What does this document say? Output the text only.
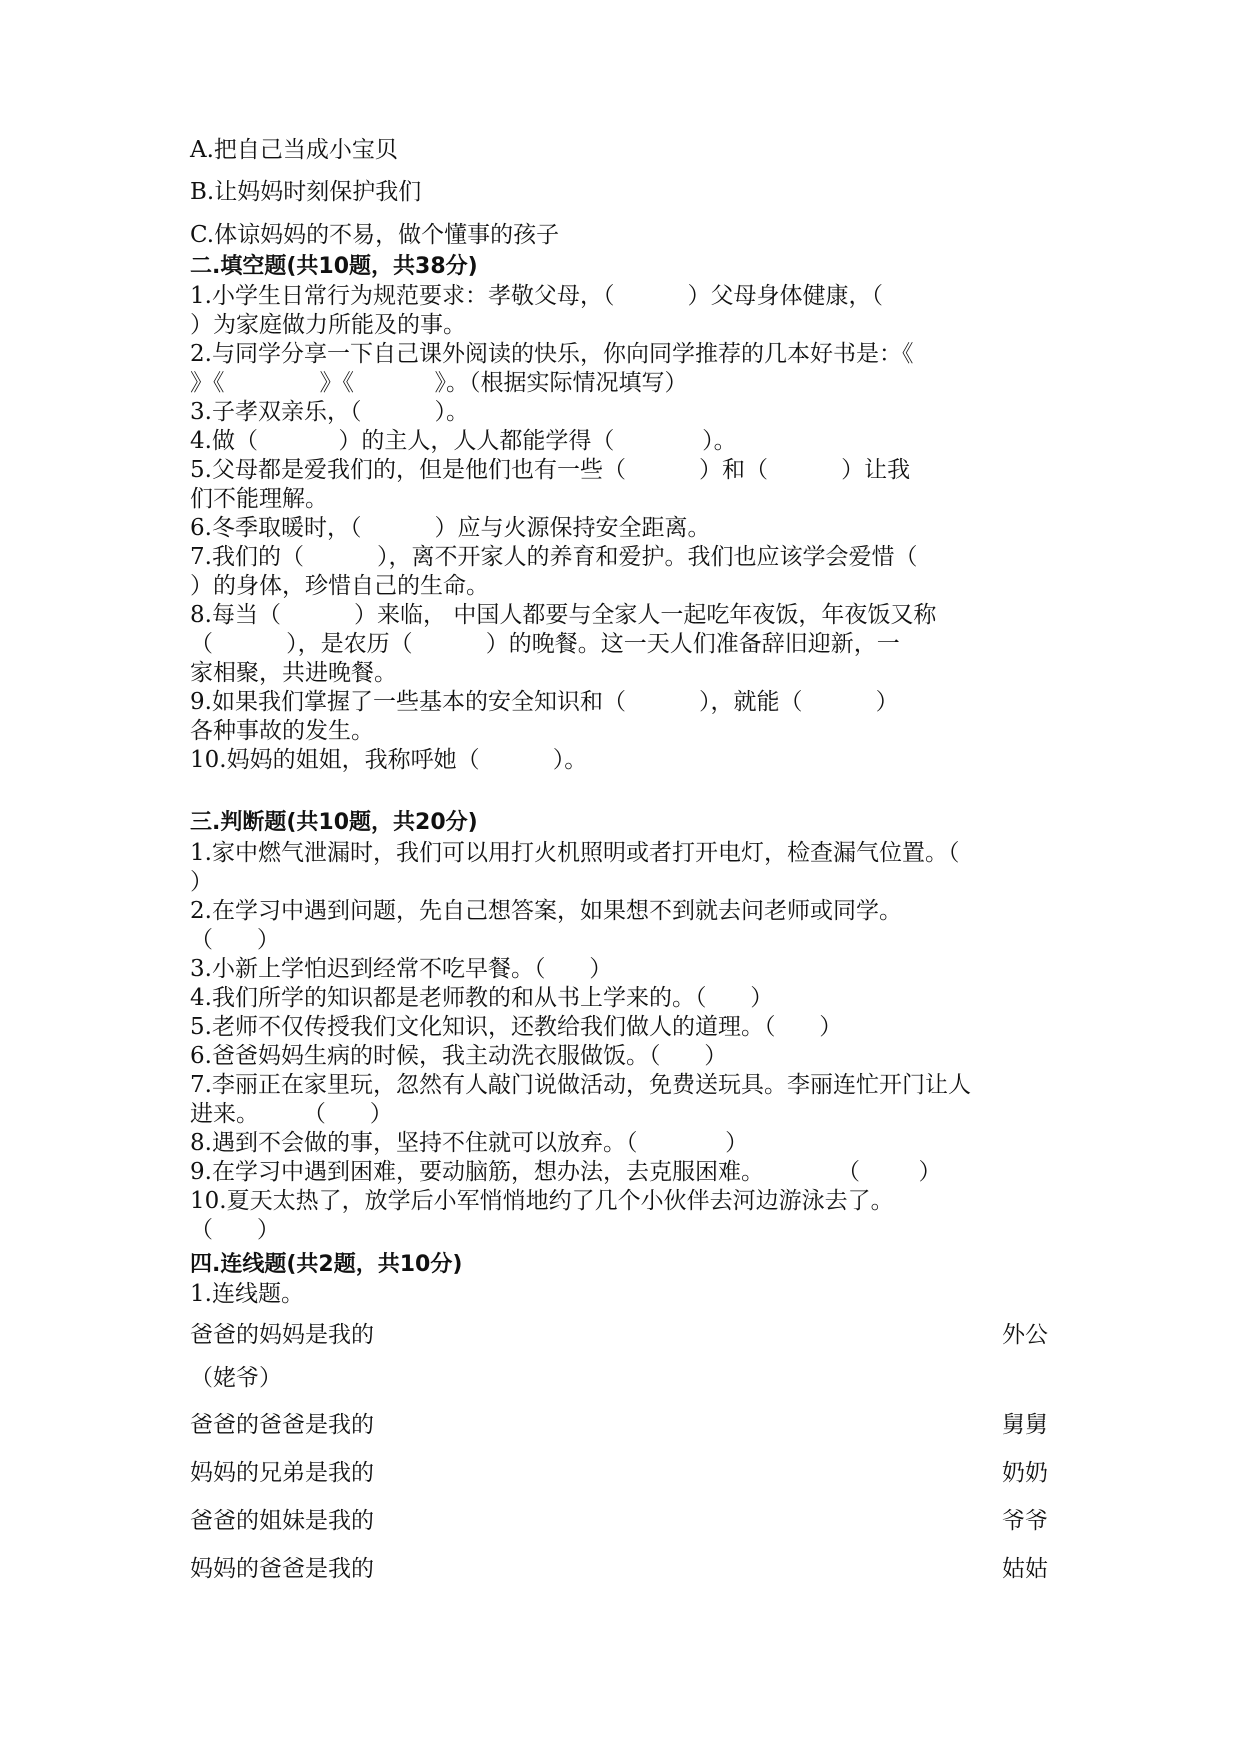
A.把自己当成小宝贝
B.让妈妈时刻保护我们
C.体谅妈妈的不易，做个懂事的孩子
二.填空题(共10题，共38分)

1.小学生日常行为规范要求：孝敬父母，（          ）父母身体健康，（

）为家庭做力所能及的事。

2.与同学分享一下自己课外阅读的快乐，你向同学推荐的几本好书是：《

》《             》《           》。（根据实际情况填写）

3.子孝双亲乐，（          ）。

4.做（           ）的主人，人人都能学得（            ）。

5.父母都是爱我们的，但是他们也有一些（          ）和（          ）让我

们不能理解。

6.冬季取暖时，（          ）应与火源保持安全距离。

7.我们的（          ），离不开家人的养育和爱护。我们也应该学会爱惜（

）的身体，珍惜自己的生命。

8.每当（          ）来临， 中国人都要与全家人一起吃年夜饭，年夜饭又称

（          ），是农历（          ）的晚餐。这一天人们准备辞旧迎新，一

家相聚，共进晚餐。

9.如果我们掌握了一些基本的安全知识和（          ），就能（          ）

各种事故的发生。

10.妈妈的姐姐，我称呼她（          ）。

三.判断题(共10题，共20分)

1.家中燃气泄漏时，我们可以用打火机照明或者打开电灯，检查漏气位置。（

）

2.在学习中遇到问题，先自己想答案，如果想不到就去问老师或同学。

（      ）

3.小新上学怕迟到经常不吃早餐。（      ）

4.我们所学的知识都是老师教的和从书上学来的。（      ）

5.老师不仅传授我们文化知识，还教给我们做人的道理。（      ）

6.爸爸妈妈生病的时候，我主动洗衣服做饭。（      ）

7.李丽正在家里玩，忽然有人敲门说做活动，免费送玩具。李丽连忙开门让人

进来。      （      ）

8.遇到不会做的事，坚持不住就可以放弃。（            ）

9.在学习中遇到困难，要动脑筋，想办法，去克服困难。          （        ）

10.夏天太热了，放学后小军悄悄地约了几个小伙伴去河边游泳去了。

（      ）

四.连线题(共2题，共10分)
1.连线题。
爸爸的妈妈是我的	外公
（姥爷）
爸爸的爸爸是我的	舅舅
妈妈的兄弟是我的	奶奶
爸爸的姐妹是我的	爷爷
妈妈的爸爸是我的	姑姑
